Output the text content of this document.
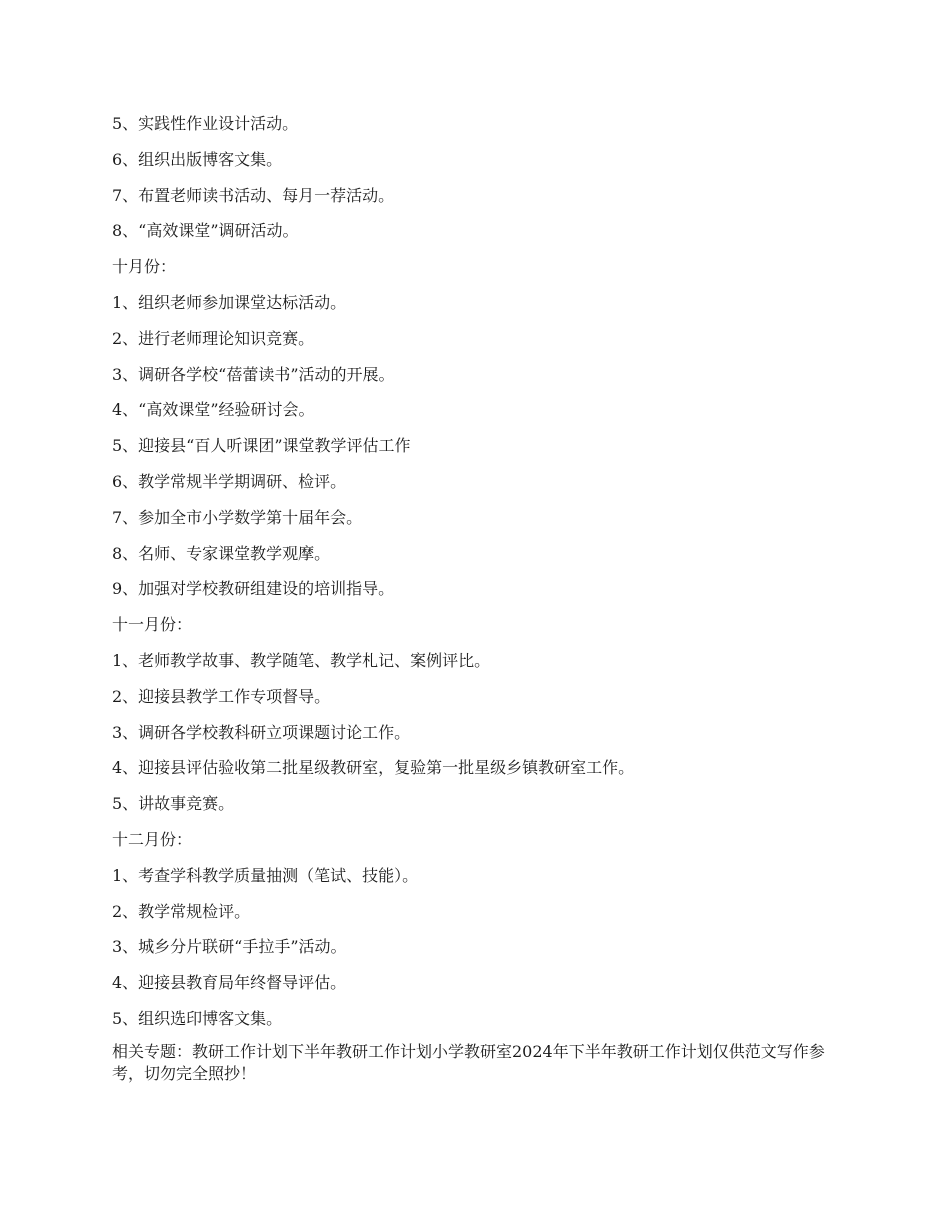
5、实践性作业设计活动。
6、组织出版博客文集。
7、布置老师读书活动、每月一荐活动。
8、“高效课堂”调研活动。
十月份：
1、组织老师参加课堂达标活动。
2、进行老师理论知识竞赛。
3、调研各学校“蓓蕾读书”活动的开展。
4、“高效课堂”经验研讨会。
5、迎接县“百人听课团”课堂教学评估工作
6、教学常规半学期调研、检评。
7、参加全市小学数学第十届年会。
8、名师、专家课堂教学观摩。
9、加强对学校教研组建设的培训指导。
十一月份：
1、老师教学故事、教学随笔、教学札记、案例评比。
2、迎接县教学工作专项督导。
3、调研各学校教科研立项课题讨论工作。
4、迎接县评估验收第二批星级教研室，复验第一批星级乡镇教研室工作。
5、讲故事竞赛。
十二月份：
1、考查学科教学质量抽测（笔试、技能）。
2、教学常规检评。
3、城乡分片联研“手拉手”活动。
4、迎接县教育局年终督导评估。
5、组织选印博客文集。
相关专题：教研工作计划下半年教研工作计划小学教研室2024年下半年教研工作计划仅供范文写作参考，切勿完全照抄！
